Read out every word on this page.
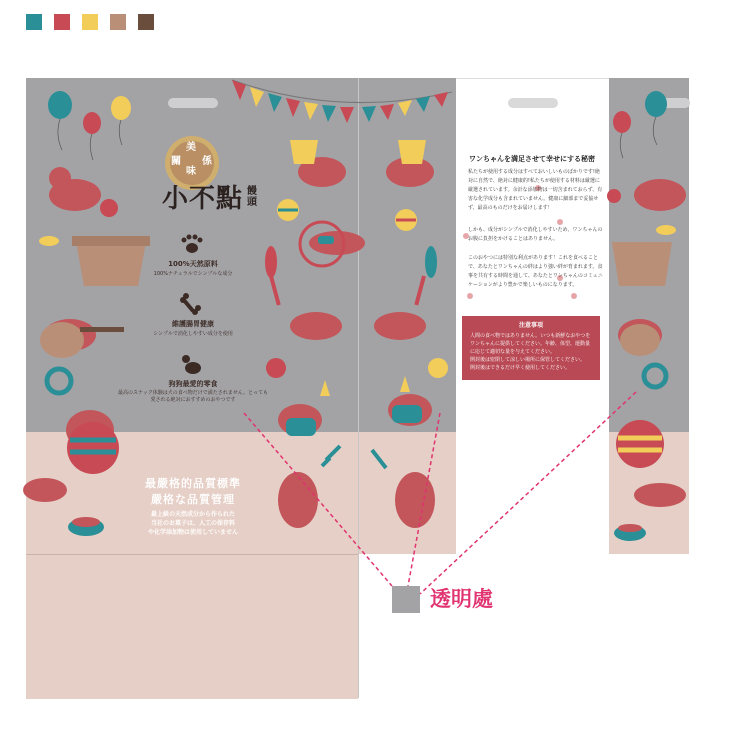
美
關 係
味
小不點 饅頭
100%天然原料
100%ナチュラルでシンプルな成分
維護腸胃健康
シンプルで消化しやすい成分を使用
狗狗最愛的零食
最高のスナック体験は犬の食べ物だけで満たされません。とっても愛される絶対におすすめのおやつです
最嚴格的品質標準
嚴格な品質管理
最上級の天然成分から作られた
当社のお菓子は、人工の保存料
や化学添加物は使用していません
ワンちゃんを満足させて幸せにする秘密
私たちが使用する成分はすべておいしいものばかりです!絶対に自然で、絶対に健康的!私たちが使用する材料は厳選に厳選されています。余計な添加物は一切含まれておらず、有害な化学成分も含まれていません。健康に細部まで妥協せず、最高のものだけをお届けします！
しかも、成分がシンプルで消化しやすいため、ワンちゃんのお腹に負担をかけることはありません。
このおやつには特別な利点があります！これを食べることで、あなたとワンちゃんの絆はより強い絆が育まれます。食事を共有する時間を通して、あなたとワンちゃんのコミュニケーションがより豊かで楽しいものになります。
注意事項
人間の食べ物ではありません。いつも新鮮なおやつをワンちゃんに提供してください。年齢、体型、運動量に応じて適切な量を与えてください。
開封後は密閉して涼しい場所に保管してください。
開封後はできるだけ早く使用してください。
透明處
